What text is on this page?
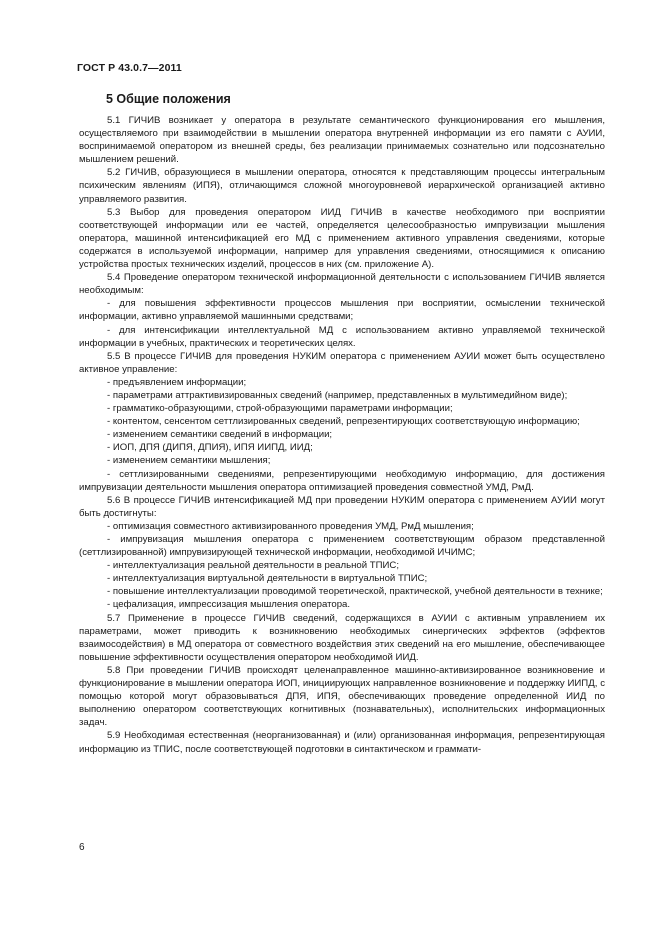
ГОСТ Р 43.0.7—2011
5 Общие положения

5.1 ГИЧИВ возникает у оператора в результате семантического функционирования его мышления, осуществляемого при взаимодействии в мышлении оператора внутренней информации из его памяти с АУИИ, воспринимаемой оператором из внешней среды, без реализации принимаемых сознательно или подсознательно мышлением решений.

5.2 ГИЧИВ, образующиеся в мышлении оператора, относятся к представляющим процессы интегральным психическим явлениям (ИПЯ), отличающимся сложной многоуровневой иерархической организацией активно управляемого развития.

5.3 Выбор для проведения оператором ИИД ГИЧИВ в качестве необходимого при восприятии соответствующей информации или ее частей, определяется целесообразностью импрувизации мышления оператора, машинной интенсификацией его МД с применением активного управления сведениями, которые содержатся в используемой информации, например для управления сведениями, относящимися к описанию устройства простых технических изделий, процессов в них (см. приложение А).

5.4 Проведение оператором технической информационной деятельности с использованием ГИЧИВ является необходимым:

- для повышения эффективности процессов мышления при восприятии, осмыслении технической информации, активно управляемой машинными средствами;

- для интенсификации интеллектуальной МД с использованием активно управляемой технической информации в учебных, практических и теоретических целях.

5.5 В процессе ГИЧИВ для проведения НУКИМ оператора с применением АУИИ может быть осуществлено активное управление:

- предъявлением информации;

- параметрами аттрактивизированных сведений (например, представленных в мультимедийном виде);

- грамматико-образующими, строй-образующими параметрами информации;

- контентом, сенсентом сеттлизированных сведений, репрезентирующих соответствующую информацию;

- изменением семантики сведений в информации;

- ИОП, ДПЯ (ДИПЯ, ДПИЯ), ИПЯ ИИПД, ИИД;

- изменением семантики мышления;

- сеттлизированными сведениями, репрезентирующими необходимую информацию, для достижения импрувизации деятельности мышления оператора оптимизацией проведения совместной УМД, РмД.

5.6 В процессе ГИЧИВ интенсификацией МД при проведении НУКИМ оператора с применением АУИИ могут быть достигнуты:

- оптимизация совместного активизированного проведения УМД, РмД мышления;

- импрувизация мышления оператора с применением соответствующим образом представленной (сеттлизированной) импрувизирующей технической информации, необходимой ИЧИМС;

- интеллектуализация реальной деятельности в реальной ТПИС;

- интеллектуализация виртуальной деятельности в виртуальной ТПИС;

- повышение интеллектуализации проводимой теоретической, практической, учебной деятельности в технике;

- цефализация, импрессизация мышления оператора.

5.7 Применение в процессе ГИЧИВ сведений, содержащихся в АУИИ с активным управлением их параметрами, может приводить к возникновению необходимых синергических эффектов (эффектов взаимосодействия) в МД оператора от совместного воздействия этих сведений на его мышление, обеспечивающее повышение эффективности осуществления оператором необходимой ИИД.

5.8 При проведении ГИЧИВ происходят целенаправленное машинно-активизированное возникновение и функционирование в мышлении оператора ИОП, инициирующих направленное возникновение и поддержку ИИПД, с помощью которой могут образовываться ДПЯ, ИПЯ, обеспечивающих проведение определенной ИИД по выполнению оператором соответствующих когнитивных (познавательных), исполнительских информационных задач.

5.9 Необходимая естественная (неорганизованная) и (или) организованная информация, репрезентирующая информацию из ТПИС, после соответствующей подготовки в синтактическом и граммати-

6
